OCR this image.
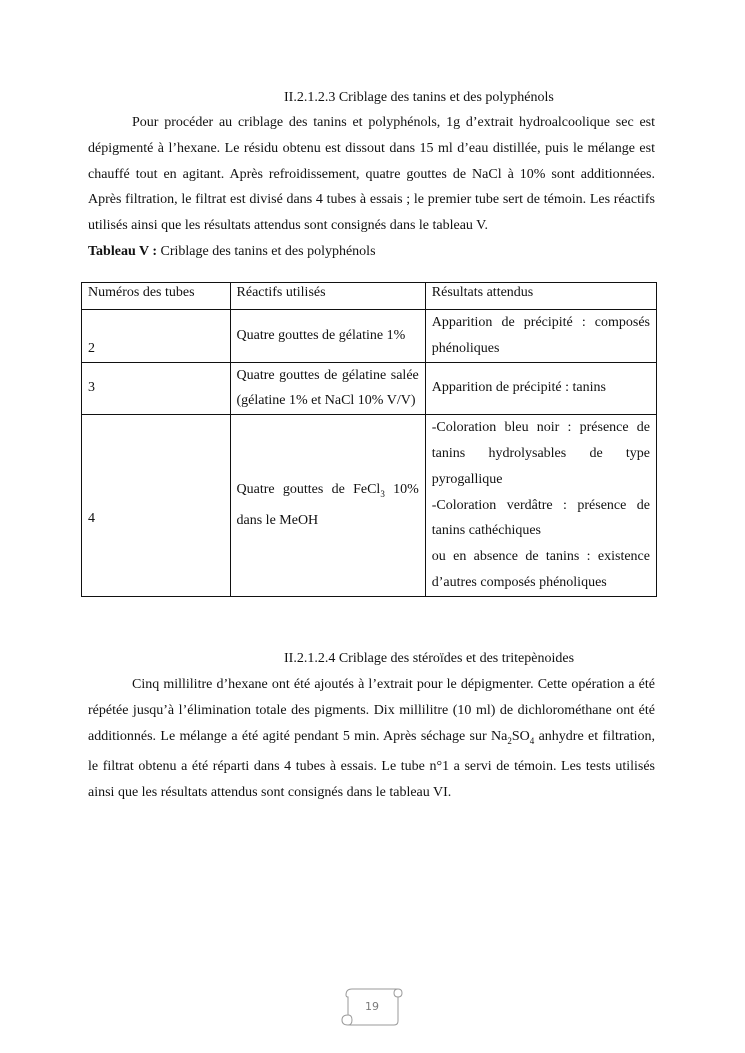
II.2.1.2.3 Criblage des tanins et des polyphénols
Pour procéder au criblage des tanins et polyphénols, 1g d’extrait hydroalcoolique sec est dépigmenté à l’hexane. Le résidu obtenu est dissout dans 15 ml d’eau distillée, puis le mélange est chauffé tout en agitant. Après refroidissement, quatre gouttes de NaCl à 10% sont additionnées. Après filtration, le filtrat est divisé dans 4 tubes à essais ; le premier tube sert de témoin. Les réactifs utilisés ainsi que les résultats attendus sont consignés dans le tableau V.
Tableau V : Criblage des tanins et des polyphénols
Numéros des tubes	Réactifs utilisés	Résultats attendus
2	Quatre gouttes de gélatine 1%	Apparition de précipité : composés phénoliques
3	Quatre gouttes de gélatine salée (gélatine 1% et NaCl 10% V/V)	Apparition de précipité : tanins
4	Quatre gouttes de FeCl$_3$ 10% dans le MeOH	-Coloration bleu noir : présence de tanins hydrolysables de type pyrogallique
-Coloration verdâtre : présence de tanins cathéchiques
ou en absence de tanins : existence d’autres composés phénoliques
II.2.1.2.4 Criblage des stéroïdes et des tritepènoides
Cinq millilitre d’hexane ont été ajoutés à l’extrait pour le dépigmenter. Cette opération a été répétée jusqu’à l’élimination totale des pigments. Dix millilitre (10 ml) de dichlorométhane ont été additionnés. Le mélange a été agité pendant 5 min. Après séchage sur $Na_2SO_4$ anhydre et filtration, le filtrat obtenu a été réparti dans 4 tubes à essais. Le tube n°1 a servi de témoin. Les tests utilisés ainsi que les résultats attendus sont consignés dans le tableau VI.
19
